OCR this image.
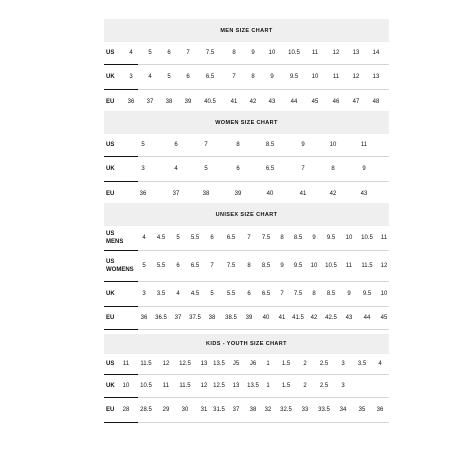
MEN SIZE CHART
US	4	5	6	7	7.5	8	9	10	10.5	11	12	13	14
UK	3	4	5	6	6.5	7	8	9	9.5	10	11	12	13
EU	36	37	38	39	40.5	41	42	43	44	45	46	47	48
WOMEN SIZE CHART
US	5	6	7	8	8.5	9	10	11
UK	3	4	5	6	6.5	7	8	9
EU	36	37	38	39	40	41	42	43
UNISEX SIZE CHART
US
MENS
4	4.5	5	5.5	6	6.5	7	7.5	8	8.5	9	9.5	10	10.5	11
US
WOMENS
5	5.5	6	6.5	7	7.5	8	8.5	9	9.5	10	10.5	11	11.5	12
UK	3	3.5	4	4.5	5	5.5	6	6.5	7	7.5	8	8.5	9	9.5	10
EU	36	36.5	37	37.5	38	38.5	39	40	41	41.5	42	42.5	43	44	45
KIDS - YOUTH SIZE CHART
US	11	11.5	12	12.5	13 13.5	J5	J6	1	1.5	2	2.5	3	3.5	4
UK	10	10.5	11	11.5	12 12.5	13	13.5	1	1.5	2	2.5	3
EU	28	28.5	29	30	31 31.5	37	38	32	32.5	33	33.5	34	35	36
